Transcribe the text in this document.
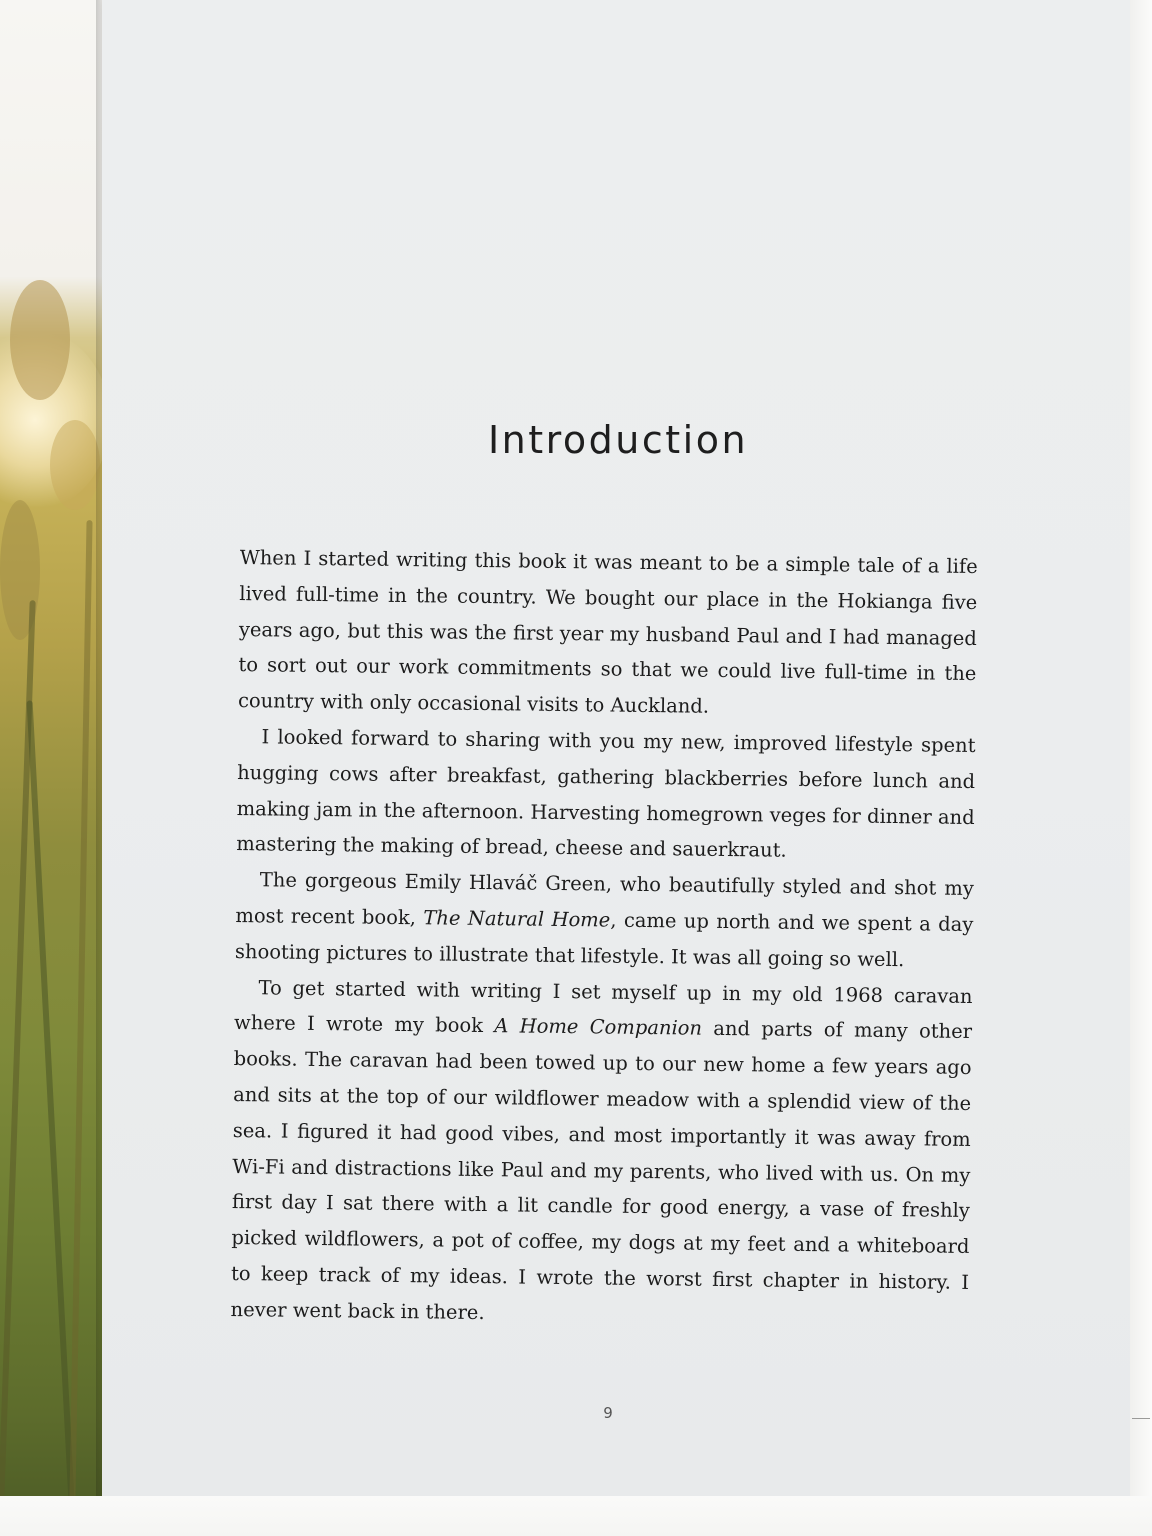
Introduction

When I started writing this book it was meant to be a simple tale of a life lived full-time in the country. We bought our place in the Hokianga five years ago, but this was the first year my husband Paul and I had managed to sort out our work commitments so that we could live full-time in the country with only occasional visits to Auckland.

I looked forward to sharing with you my new, improved lifestyle spent hugging cows after breakfast, gathering blackberries before lunch and making jam in the afternoon. Harvesting homegrown veges for dinner and mastering the making of bread, cheese and sauerkraut.

The gorgeous Emily Hlaváč Green, who beautifully styled and shot my most recent book, The Natural Home, came up north and we spent a day shooting pictures to illustrate that lifestyle. It was all going so well.

To get started with writing I set myself up in my old 1968 caravan where I wrote my book A Home Companion and parts of many other books. The caravan had been towed up to our new home a few years ago and sits at the top of our wildflower meadow with a splendid view of the sea. I figured it had good vibes, and most importantly it was away from Wi-Fi and distractions like Paul and my parents, who lived with us. On my first day I sat there with a lit candle for good energy, a vase of freshly picked wildflowers, a pot of coffee, my dogs at my feet and a whiteboard to keep track of my ideas. I wrote the worst first chapter in history. I never went back in there.

9
